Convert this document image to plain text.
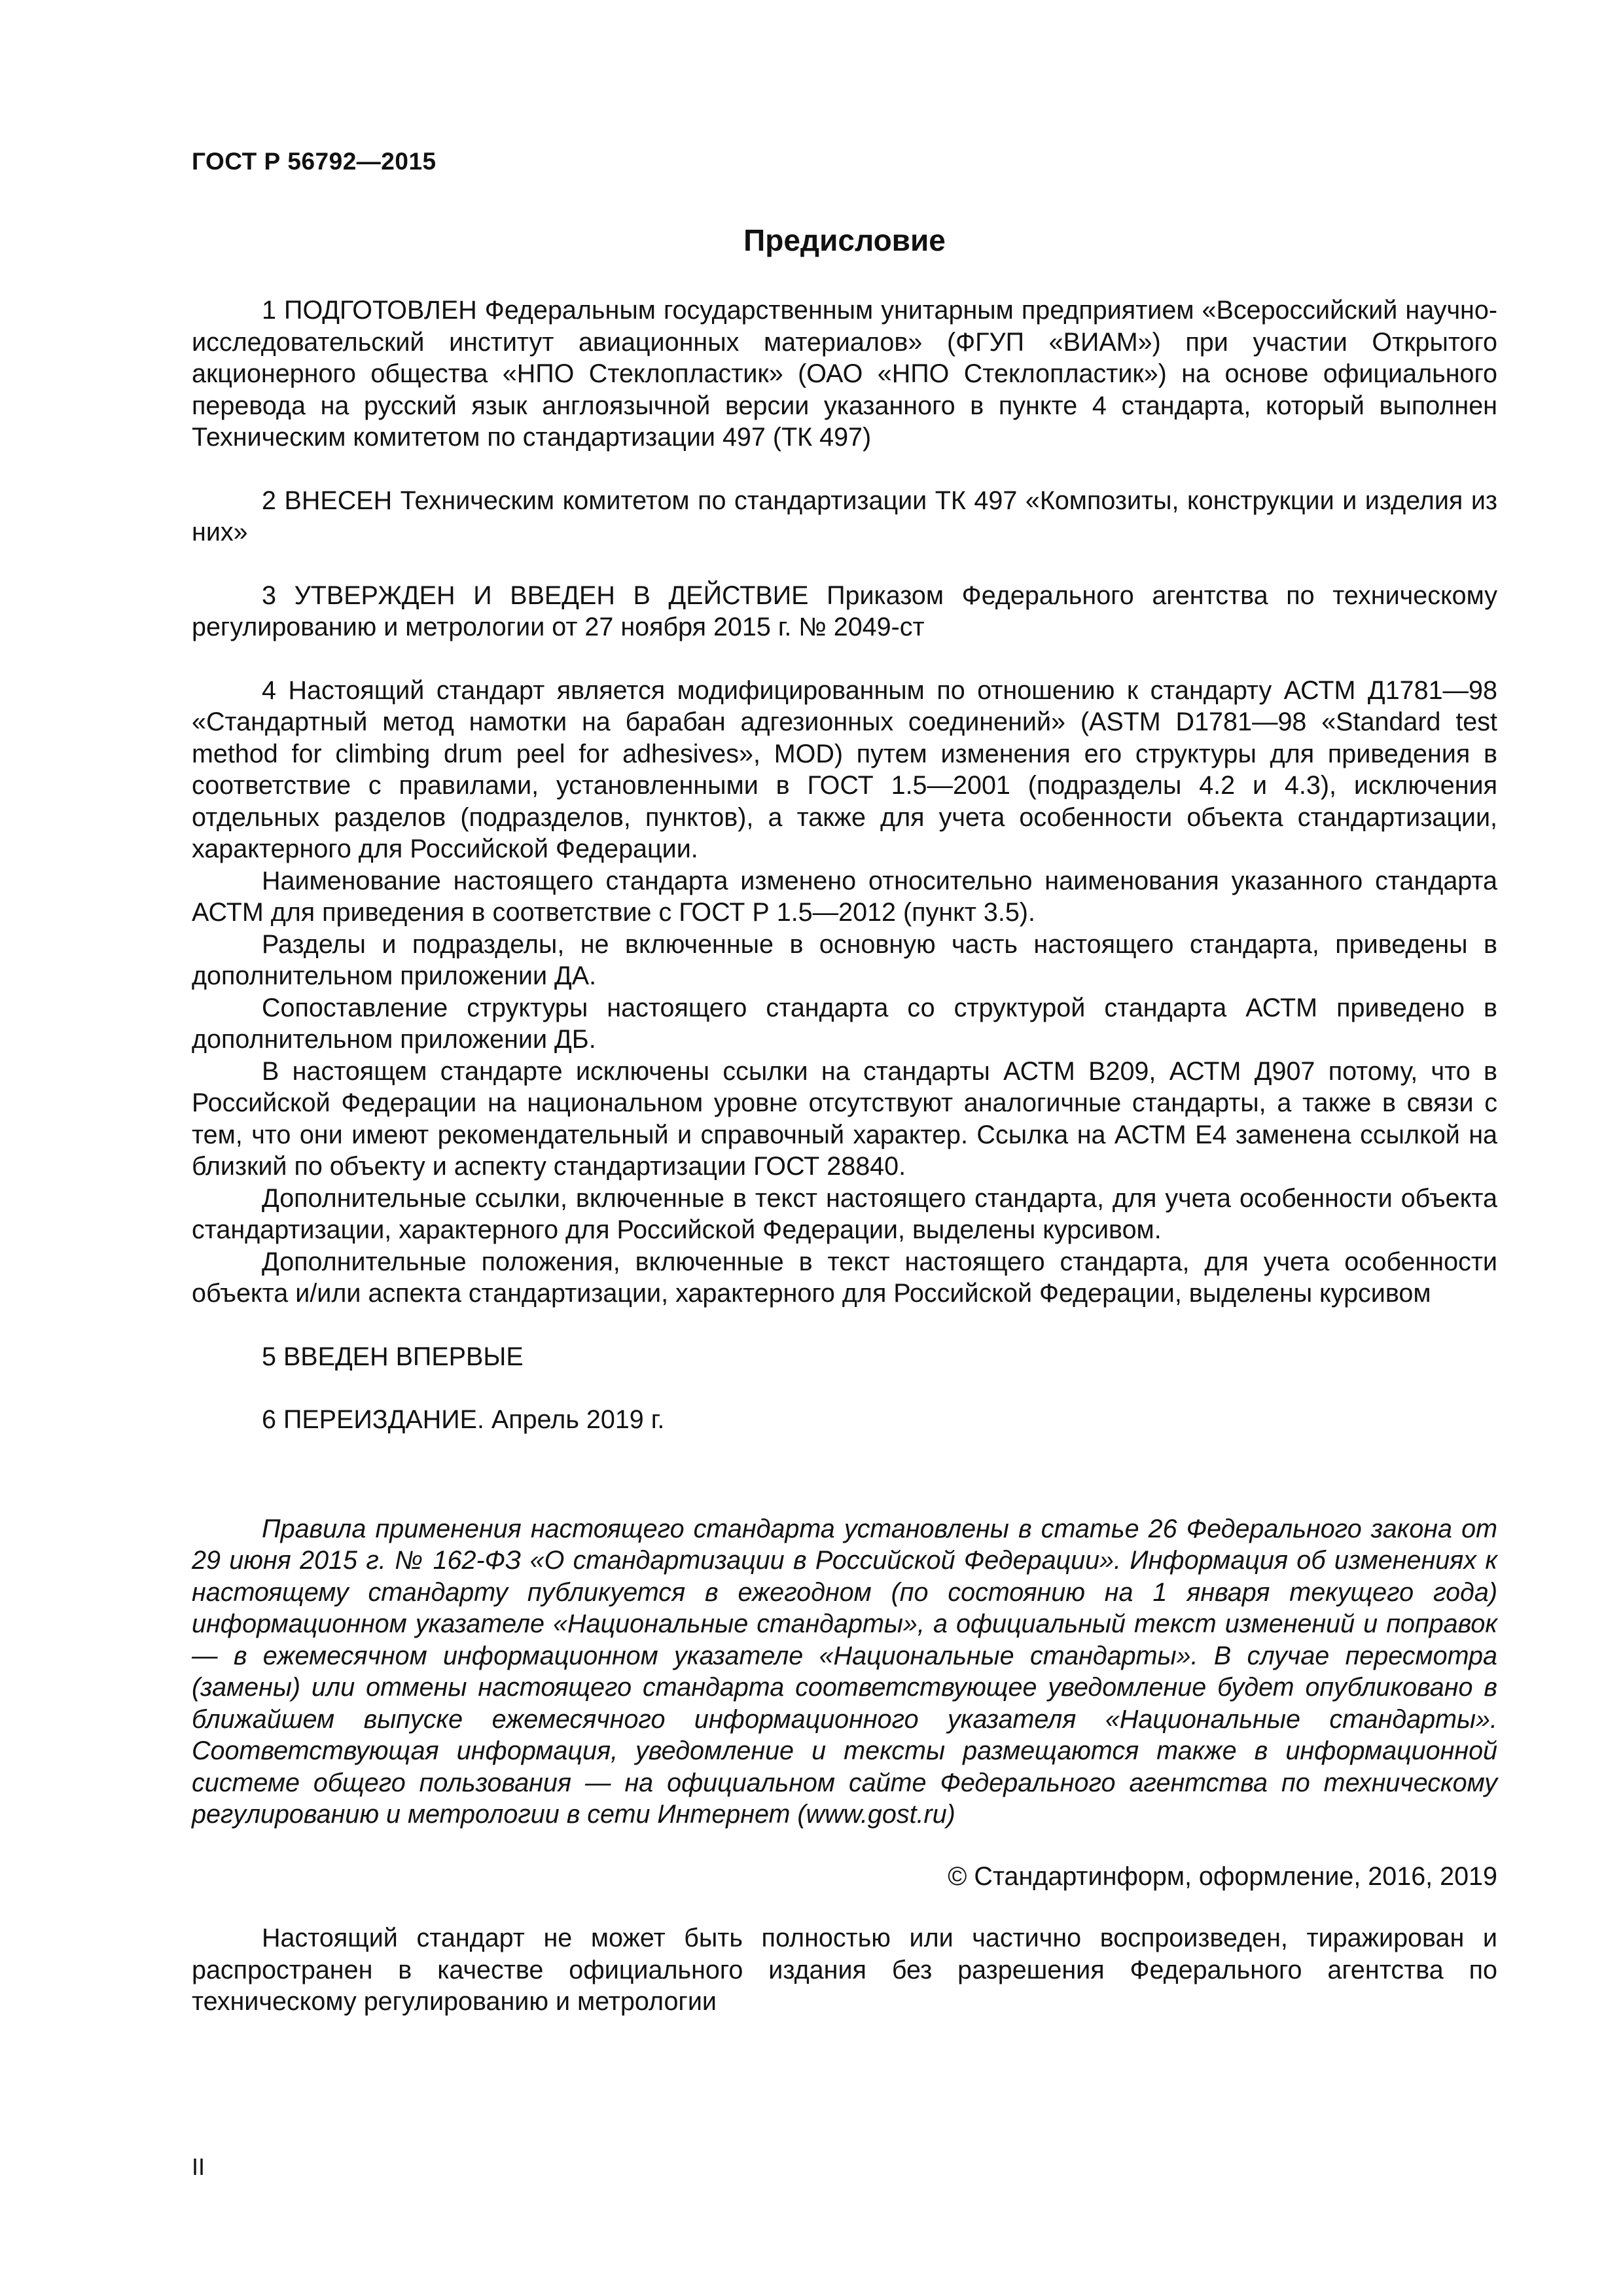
ГОСТ Р 56792—2015

Предисловие

1 ПОДГОТОВЛЕН Федеральным государственным унитарным предприятием «Всероссийский научно-исследовательский институт авиационных материалов» (ФГУП «ВИАМ») при участии Открытого акционерного общества «НПО Стеклопластик» (ОАО «НПО Стеклопластик») на основе официального перевода на русский язык англоязычной версии указанного в пункте 4 стандарта, который выполнен Техническим комитетом по стандартизации 497 (ТК 497)

2 ВНЕСЕН Техническим комитетом по стандартизации ТК 497 «Композиты, конструкции и изделия из них»

3 УТВЕРЖДЕН И ВВЕДЕН В ДЕЙСТВИЕ Приказом Федерального агентства по техническому регулированию и метрологии от 27 ноября 2015 г. № 2049-ст

4 Настоящий стандарт является модифицированным по отношению к стандарту АСТМ Д1781—98 «Стандартный метод намотки на барабан адгезионных соединений» (ASTM D1781—98 «Standard test method for climbing drum peel for adhesives», MOD) путем изменения его структуры для приведения в соответствие с правилами, установленными в ГОСТ 1.5—2001 (подразделы 4.2 и 4.3), исключения отдельных разделов (подразделов, пунктов), а также для учета особенности объекта стандартизации, характерного для Российской Федерации.

Наименование настоящего стандарта изменено относительно наименования указанного стандарта АСТМ для приведения в соответствие с ГОСТ Р 1.5—2012 (пункт 3.5).

Разделы и подразделы, не включенные в основную часть настоящего стандарта, приведены в дополнительном приложении ДА.

Сопоставление структуры настоящего стандарта со структурой стандарта АСТМ приведено в дополнительном приложении ДБ.

В настоящем стандарте исключены ссылки на стандарты АСТМ В209, АСТМ Д907 потому, что в Российской Федерации на национальном уровне отсутствуют аналогичные стандарты, а также в связи с тем, что они имеют рекомендательный и справочный характер. Ссылка на АСТМ Е4 заменена ссылкой на близкий по объекту и аспекту стандартизации ГОСТ 28840.

Дополнительные ссылки, включенные в текст настоящего стандарта, для учета особенности объекта стандартизации, характерного для Российской Федерации, выделены курсивом.

Дополнительные положения, включенные в текст настоящего стандарта, для учета особенности объекта и/или аспекта стандартизации, характерного для Российской Федерации, выделены курсивом

5 ВВЕДЕН ВПЕРВЫЕ

6 ПЕРЕИЗДАНИЕ. Апрель 2019 г.

Правила применения настоящего стандарта установлены в статье 26 Федерального закона от 29 июня 2015 г. № 162-ФЗ «О стандартизации в Российской Федерации». Информация об изменениях к настоящему стандарту публикуется в ежегодном (по состоянию на 1 января текущего года) информационном указателе «Национальные стандарты», а официальный текст изменений и поправок — в ежемесячном информационном указателе «Национальные стандарты». В случае пересмотра (замены) или отмены настоящего стандарта соответствующее уведомление будет опубликовано в ближайшем выпуске ежемесячного информационного указателя «Национальные стандарты». Соответствующая информация, уведомление и тексты размещаются также в информационной системе общего пользования — на официальном сайте Федерального агентства по техническому регулированию и метрологии в сети Интернет (www.gost.ru)

© Стандартинформ, оформление, 2016, 2019

Настоящий стандарт не может быть полностью или частично воспроизведен, тиражирован и распространен в качестве официального издания без разрешения Федерального агентства по техническому регулированию и метрологии

II
